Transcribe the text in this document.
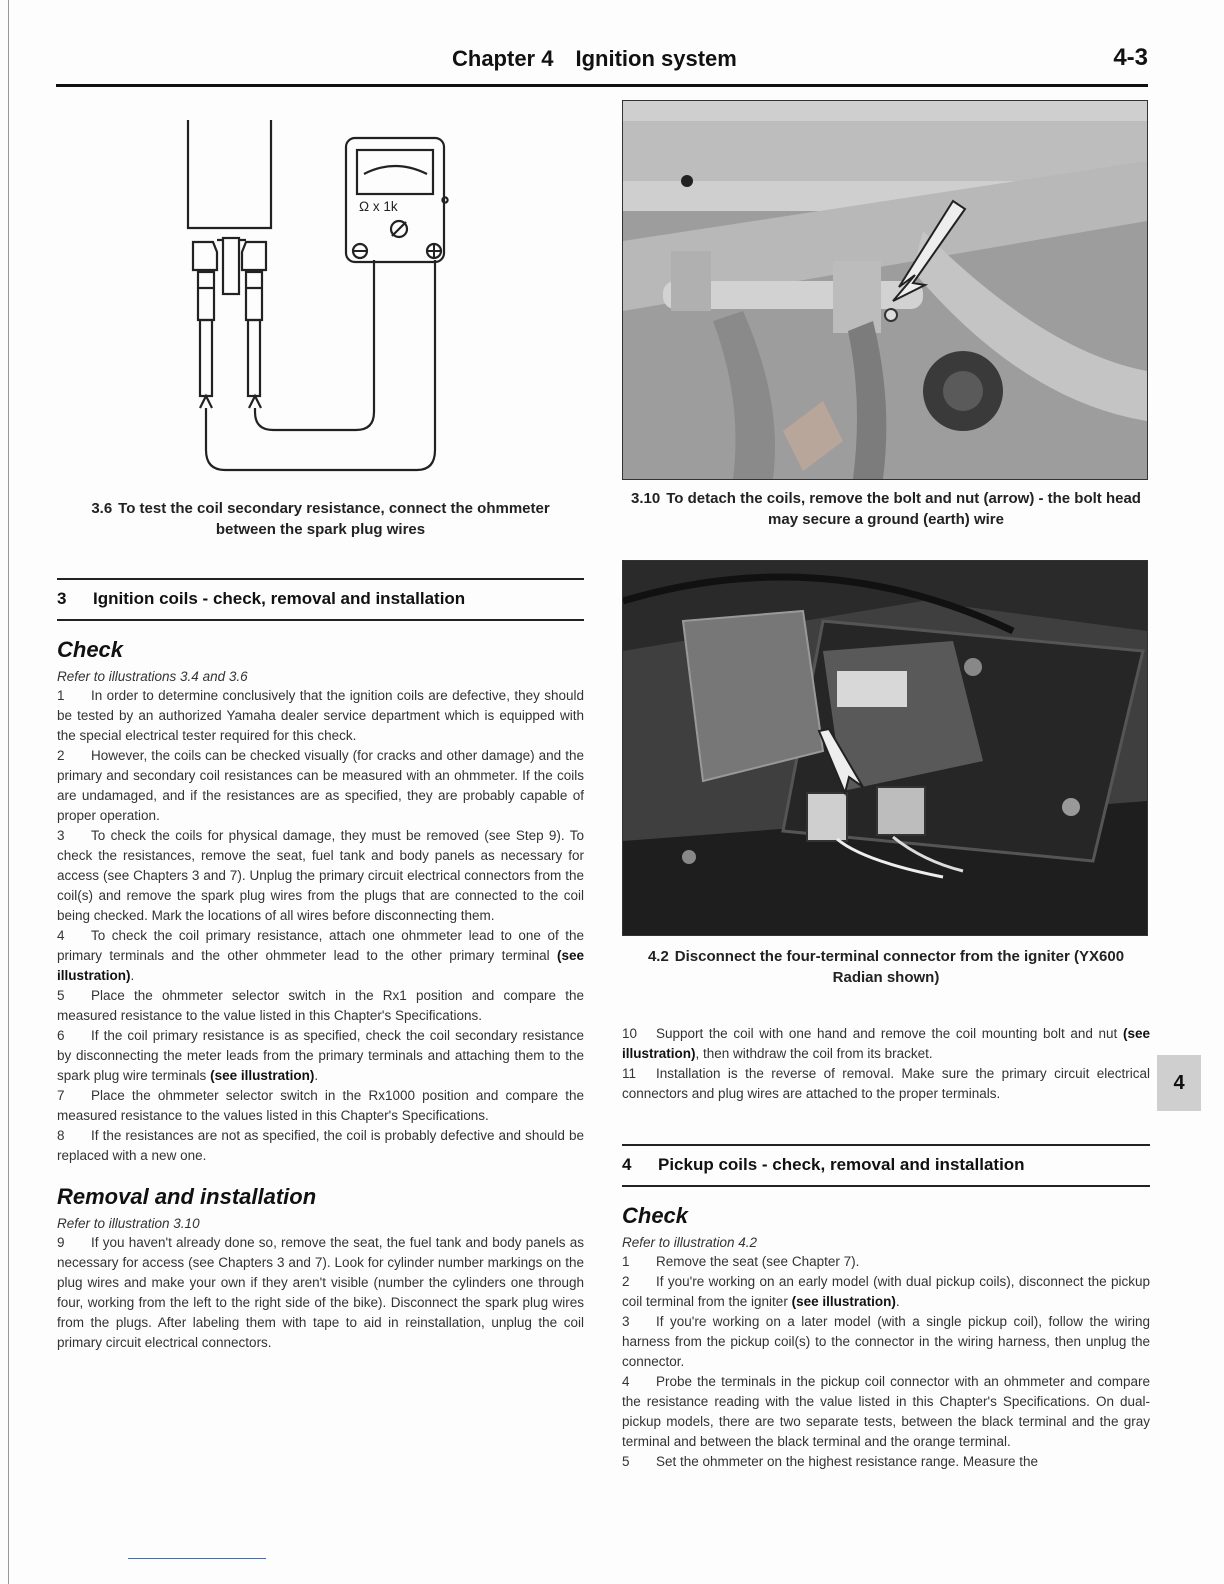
Chapter 4 Ignition system	4-3
Ω x 1k
3.6 To test the coil secondary resistance, connect the ohmmeter between the spark plug wires
3 Ignition coils - check, removal and installation
Check
Refer to illustrations 3.4 and 3.6

1 In order to determine conclusively that the ignition coils are defective, they should be tested by an authorized Yamaha dealer service department which is equipped with the special electrical tester required for this check.

2 However, the coils can be checked visually (for cracks and other damage) and the primary and secondary coil resistances can be measured with an ohmmeter. If the coils are undamaged, and if the resistances are as specified, they are probably capable of proper operation.

3 To check the coils for physical damage, they must be removed (see Step 9). To check the resistances, remove the seat, fuel tank and body panels as necessary for access (see Chapters 3 and 7). Unplug the primary circuit electrical connectors from the coil(s) and remove the spark plug wires from the plugs that are connected to the coil being checked. Mark the locations of all wires before disconnecting them.

4 To check the coil primary resistance, attach one ohmmeter lead to one of the primary terminals and the other ohmmeter lead to the other primary terminal (see illustration).

5 Place the ohmmeter selector switch in the Rx1 position and compare the measured resistance to the value listed in this Chapter's Specifications.

6 If the coil primary resistance is as specified, check the coil secondary resistance by disconnecting the meter leads from the primary terminals and attaching them to the spark plug wire terminals (see illustration).

7 Place the ohmmeter selector switch in the Rx1000 position and compare the measured resistance to the values listed in this Chapter's Specifications.

8 If the resistances are not as specified, the coil is probably defective and should be replaced with a new one.

Removal and installation
Refer to illustration 3.10

9 If you haven't already done so, remove the seat, the fuel tank and body panels as necessary for access (see Chapters 3 and 7). Look for cylinder number markings on the plug wires and make your own if they aren't visible (number the cylinders one through four, working from the left to the right side of the bike). Disconnect the spark plug wires from the plugs. After labeling them with tape to aid in reinstallation, unplug the coil primary circuit electrical connectors.

3.10 To detach the coils, remove the bolt and nut (arrow) - the bolt head may secure a ground (earth) wire
4.2 Disconnect the four-terminal connector from the igniter (YX600 Radian shown)

10 Support the coil with one hand and remove the coil mounting bolt and nut (see illustration), then withdraw the coil from its bracket.

11 Installation is the reverse of removal. Make sure the primary circuit electrical connectors and plug wires are attached to the proper terminals.

4 Pickup coils - check, removal and installation
Check
Refer to illustration 4.2

1 Remove the seat (see Chapter 7).

2 If you're working on an early model (with dual pickup coils), disconnect the pickup coil terminal from the igniter (see illustration).

3 If you're working on a later model (with a single pickup coil), follow the wiring harness from the pickup coil(s) to the connector in the wiring harness, then unplug the connector.

4 Probe the terminals in the pickup coil connector with an ohmmeter and compare the resistance reading with the value listed in this Chapter's Specifications. On dual-pickup models, there are two separate tests, between the black terminal and the gray terminal and between the black terminal and the orange terminal.

5 Set the ohmmeter on the highest resistance range. Measure the

4
